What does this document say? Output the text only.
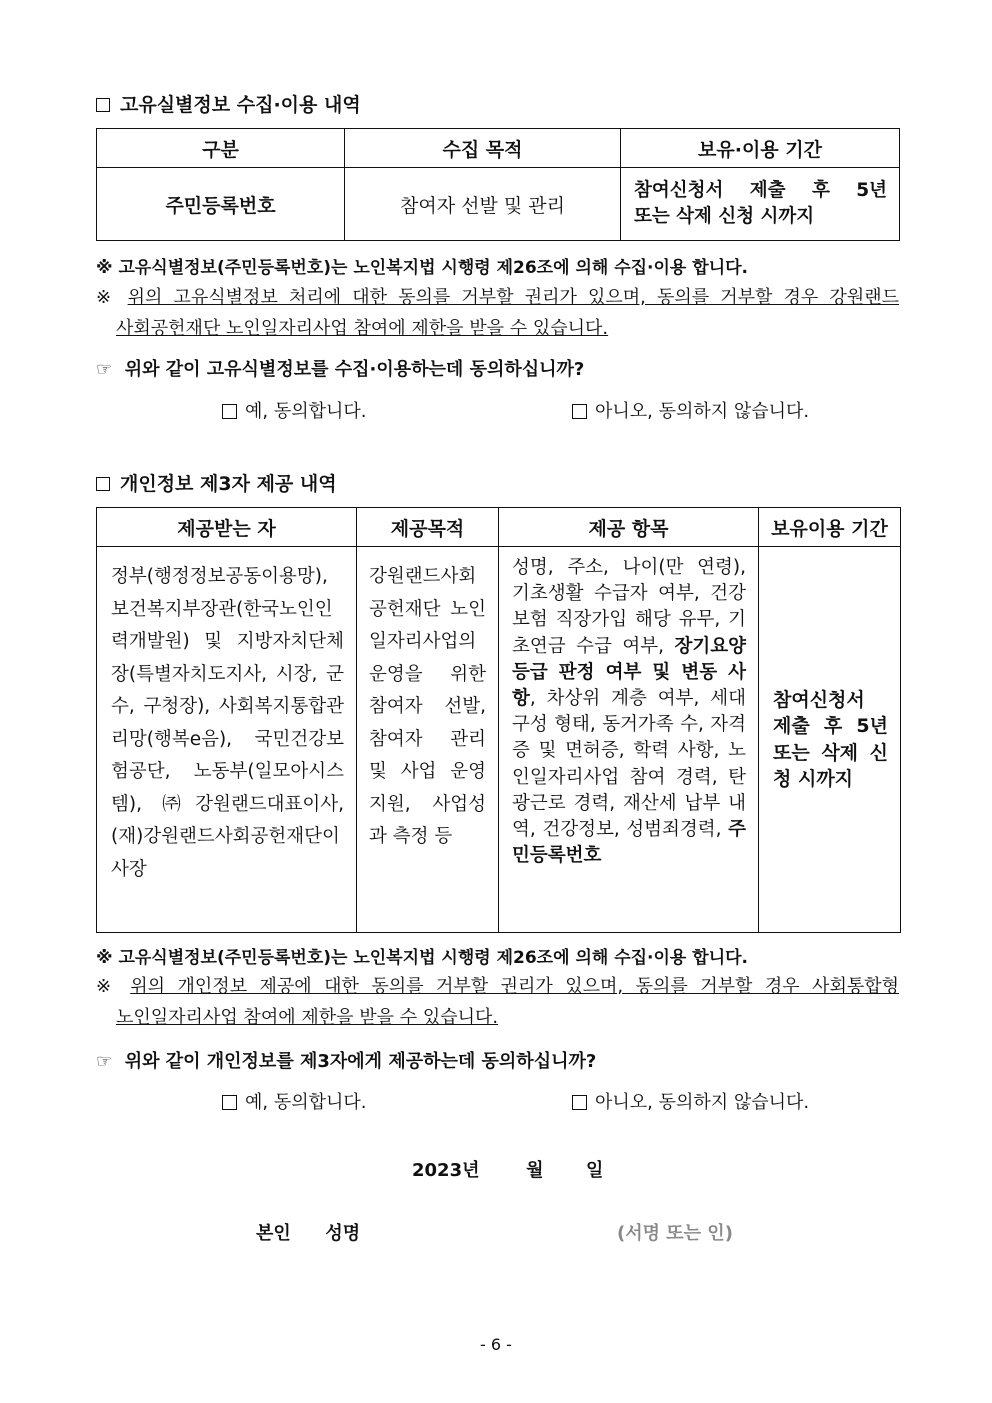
고유실별정보 수집·이용 내역
구분	수집 목적	보유·이용 기간
주민등록번호	참여자 선발 및 관리	참여신청서 제출 후 5년
또는 삭제 신청 시까지
※ 고유식별정보(주민등록번호)는 노인복지법 시행령 제26조에 의해 수집·이용 합니다.
※ 위의 고유식별정보 처리에 대한 동의를 거부할 권리가 있으며, 동의를 거부할 경우 강원랜드
사회공헌재단 노인일자리사업 참여에 제한을 받을 수 있습니다.
☞ 위와 같이 고유식별정보를 수집·이용하는데 동의하십니까?
예, 동의합니다.	아니오, 동의하지 않습니다.
개인정보 제3자 제공 내역
제공받는 자	제공목적	제공 항목	보유이용 기간

정부(행정정보공동이용망), 보건복지부장관(한국노인인력개발원) 및 지방자치단체장(특별자치도지사, 시장, 군수, 구청장), 사회복지통합관리망(행복e음), 국민건강보험공단, 노동부(일모아시스템), ㈜강원랜드대표이사, (재)강원랜드사회공헌재단이사장	강원랜드사회공헌재단 노인일자리사업의 운영을 위한 참여자 선발, 참여자 관리 및 사업 운영 지원, 사업성과 측정 등	성명, 주소, 나이(만 연령), 기초생활 수급자 여부, 건강보험 직장가입 해당 유무, 기초연금 수급 여부, 장기요양등급 판정 여부 및 변동 사항, 차상위 계층 여부, 세대 구성 형태, 동거가족 수, 자격증 및 면허증, 학력 사항, 노인일자리사업 참여 경력, 탄광근로 경력, 재산세 납부 내역, 건강정보, 성범죄경력, 주민등록번호	참여신청서 제출 후 5년 또는 삭제 신청 시까지
※ 고유식별정보(주민등록번호)는 노인복지법 시행령 제26조에 의해 수집·이용 합니다.
※ 위의 개인정보 제공에 대한 동의를 거부할 권리가 있으며, 동의를 거부할 경우 사회통합형
노인일자리사업 참여에 제한을 받을 수 있습니다.
☞ 위와 같이 개인정보를 제3자에게 제공하는데 동의하십니까?
예, 동의합니다.	아니오, 동의하지 않습니다.
2023년	월 일
본인 성명	(서명 또는 인)
- 6 -
